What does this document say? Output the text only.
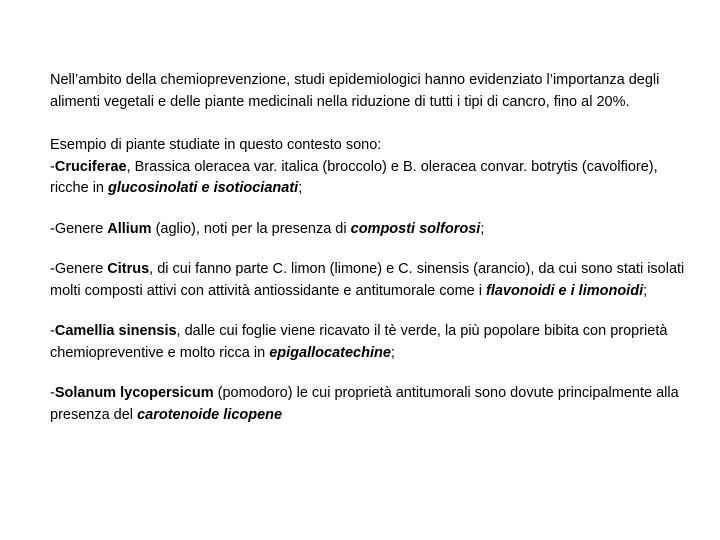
Nell’ambito della chemioprevenzione, studi epidemiologici hanno evidenziato l’importanza degli alimenti vegetali e delle piante medicinali nella riduzione di tutti i tipi di cancro, fino al 20%.

Esempio di piante studiate in questo contesto sono:
-Cruciferae, Brassica oleracea var. italica (broccolo) e B. oleracea convar. botrytis (cavolfiore), ricche in glucosinolati e isotiocianati;

-Genere Allium (aglio), noti per la presenza di composti solforosi;

-Genere Citrus, di cui fanno parte C. limon (limone) e C. sinensis (arancio), da cui sono stati isolati molti composti attivi con attività antiossidante e antitumorale come i flavonoidi e i limonoidi;

-Camellia sinensis, dalle cui foglie viene ricavato il tè verde, la più popolare bibita con proprietà chemiopreventive e molto ricca in epigallocatechine;

-Solanum lycopersicum (pomodoro) le cui proprietà antitumorali sono dovute principalmente alla presenza del carotenoide licopene
